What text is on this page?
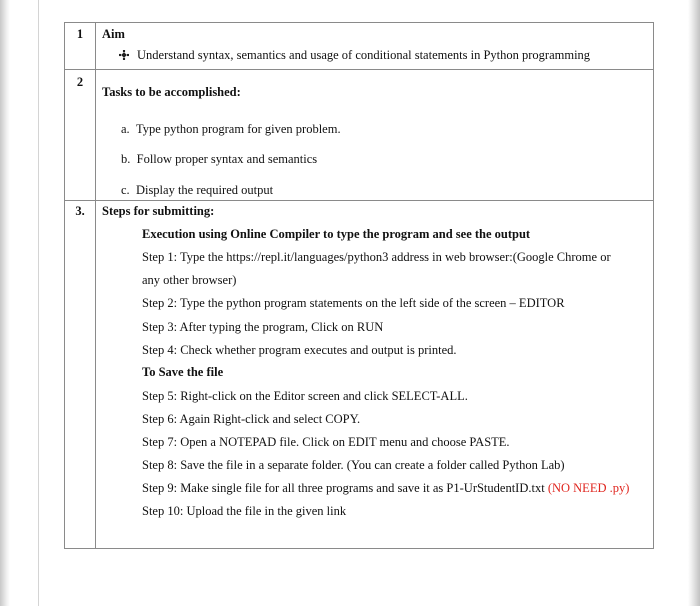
1	Aim
Understand syntax, semantics and usage of conditional statements in Python programming
2
Tasks to be accomplished:
a. Type python program for given problem.
b. Follow proper syntax and semantics
c. Display the required output
3.	Steps for submitting:
Execution using Online Compiler to type the program and see the output
Step 1: Type the https://repl.it/languages/python3 address in web browser:(Google Chrome or
any other browser)
Step 2: Type the python program statements on the left side of the screen – EDITOR
Step 3: After typing the program, Click on RUN
Step 4: Check whether program executes and output is printed.
To Save the file
Step 5: Right-click on the Editor screen and click SELECT-ALL.
Step 6: Again Right-click and select COPY.
Step 7: Open a NOTEPAD file. Click on EDIT menu and choose PASTE.
Step 8: Save the file in a separate folder. (You can create a folder called Python Lab)
Step 9: Make single file for all three programs and save it as P1-UrStudentID.txt (NO NEED .py)
Step 10: Upload the file in the given link
